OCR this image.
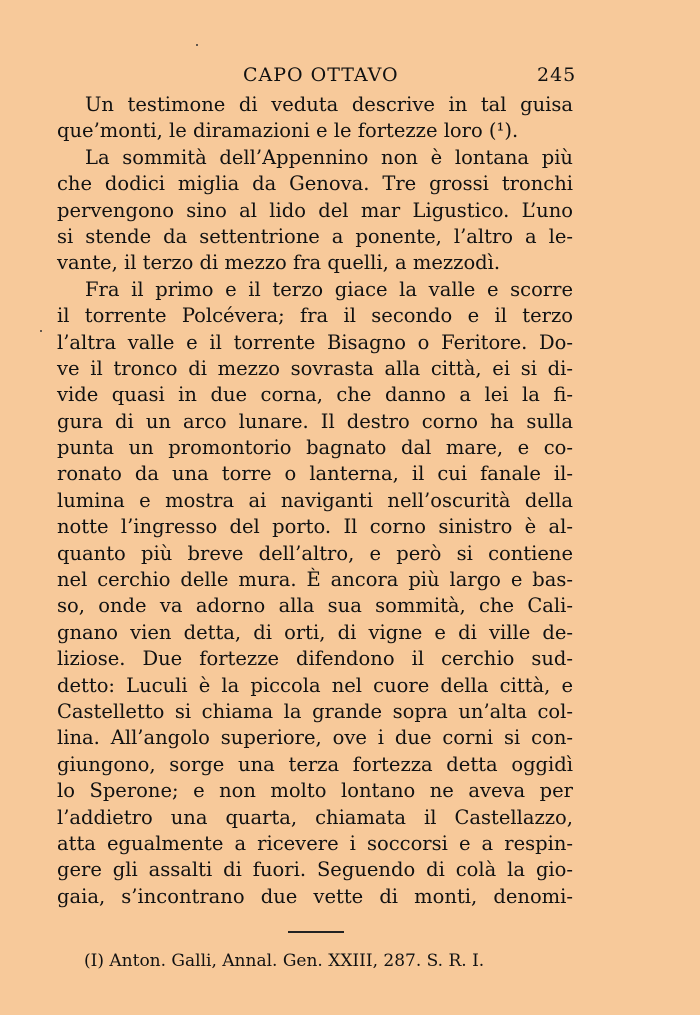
CAPO OTTAVO	245
Un testimone di veduta descrive in tal guisa
que’monti, le diramazioni e le fortezze loro (¹).
La sommità dell’Appennino non è lontana più
che dodici miglia da Genova. Tre grossi tronchi
pervengono sino al lido del mar Ligustico. L’uno
si stende da settentrione a ponente, l’altro a le-
vante, il terzo di mezzo fra quelli, a mezzodì.
Fra il primo e il terzo giace la valle e scorre
il torrente Polcévera; fra il secondo e il terzo
l’altra valle e il torrente Bisagno o Feritore. Do-
ve il tronco di mezzo sovrasta alla città, ei si di-
vide quasi in due corna, che danno a lei la fi-
gura di un arco lunare. Il destro corno ha sulla
punta un promontorio bagnato dal mare, e co-
ronato da una torre o lanterna, il cui fanale il-
lumina e mostra ai naviganti nell’oscurità della
notte l’ingresso del porto. Il corno sinistro è al-
quanto più breve dell’altro, e però si contiene
nel cerchio delle mura. È ancora più largo e bas-
so, onde va adorno alla sua sommità, che Cali-
gnano vien detta, di orti, di vigne e di ville de-
liziose. Due fortezze difendono il cerchio sud-
detto: Luculi è la piccola nel cuore della città, e
Castelletto si chiama la grande sopra un’alta col-
lina. All’angolo superiore, ove i due corni si con-
giungono, sorge una terza fortezza detta oggidì
lo Sperone; e non molto lontano ne aveva per
l’addietro una quarta, chiamata il Castellazzo,
atta egualmente a ricevere i soccorsi e a respin-
gere gli assalti di fuori. Seguendo di colà la gio-
gaia, s’incontrano due vette di monti, denomi-
(I) Anton. Galli, Annal. Gen. XXIII, 287. S. R. I.
